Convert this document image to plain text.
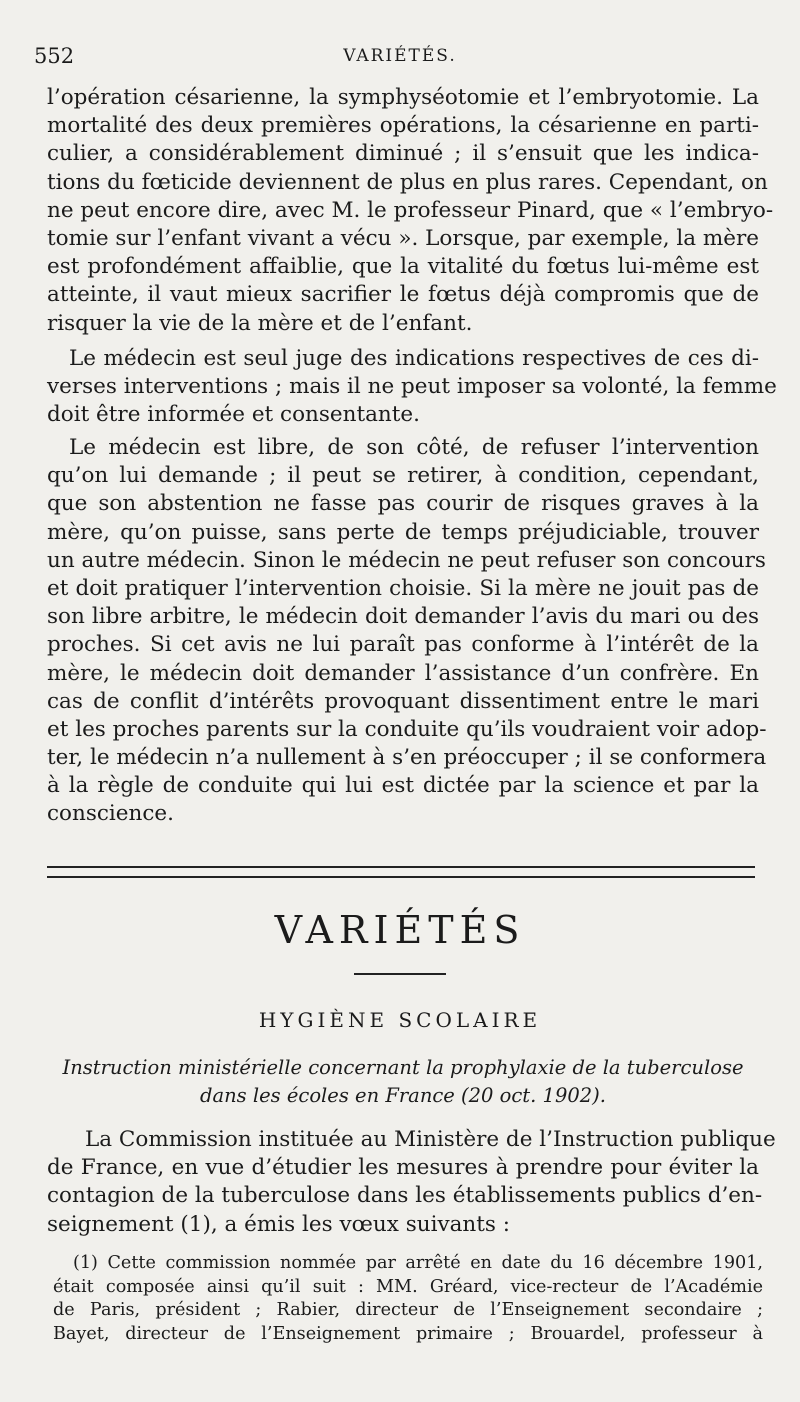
552	VARIÉTÉS.
l’opération césarienne, la symphyséotomie et l’embryotomie. La
mortalité des deux premières opérations, la césarienne en parti-
culier, a considérablement diminué ; il s’ensuit que les indica-
tions du fœticide deviennent de plus en plus rares. Cependant, on
ne peut encore dire, avec M. le professeur Pinard, que « l’embryo-
tomie sur l’enfant vivant a vécu ». Lorsque, par exemple, la mère
est profondément affaiblie, que la vitalité du fœtus lui-même est
atteinte, il vaut mieux sacrifier le fœtus déjà compromis que de
risquer la vie de la mère et de l’enfant.
Le médecin est seul juge des indications respectives de ces di-
verses interventions ; mais il ne peut imposer sa volonté, la femme
doit être informée et consentante.
Le médecin est libre, de son côté, de refuser l’intervention
qu’on lui demande ; il peut se retirer, à condition, cependant,
que son abstention ne fasse pas courir de risques graves à la
mère, qu’on puisse, sans perte de temps préjudiciable, trouver
un autre médecin. Sinon le médecin ne peut refuser son concours
et doit pratiquer l’intervention choisie. Si la mère ne jouit pas de
son libre arbitre, le médecin doit demander l’avis du mari ou des
proches. Si cet avis ne lui paraît pas conforme à l’intérêt de la
mère, le médecin doit demander l’assistance d’un confrère. En
cas de conflit d’intérêts provoquant dissentiment entre le mari
et les proches parents sur la conduite qu’ils voudraient voir adop-
ter, le médecin n’a nullement à s’en préoccuper ; il se conformera
à la règle de conduite qui lui est dictée par la science et par la
conscience.
VARIÉTÉS
HYGIÈNE SCOLAIRE
Instruction ministérielle concernant la prophylaxie de la tuberculose
dans les écoles en France (20 oct. 1902).
La Commission instituée au Ministère de l’Instruction publique
de France, en vue d’étudier les mesures à prendre pour éviter la
contagion de la tuberculose dans les établissements publics d’en-
seignement (1), a émis les vœux suivants :
(1) Cette commission nommée par arrêté en date du 16 décembre 1901,
était composée ainsi qu’il suit : MM. Gréard, vice-recteur de l’Académie
de Paris, président ; Rabier, directeur de l’Enseignement secondaire ;
Bayet, directeur de l’Enseignement primaire ; Brouardel, professeur à
